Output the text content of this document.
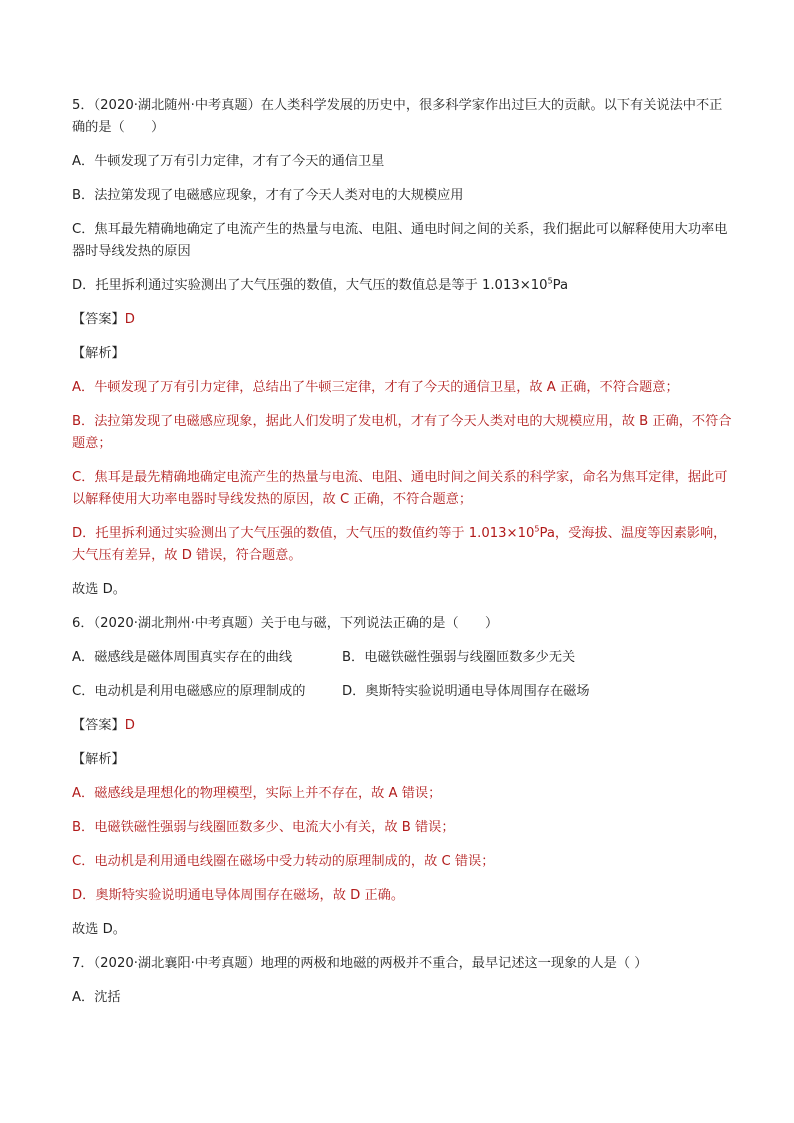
5．（2020·湖北随州·中考真题）在人类科学发展的历史中，很多科学家作出过巨大的贡献。以下有关说法中不正确的是（　　）

A．牛顿发现了万有引力定律，才有了今天的通信卫星

B．法拉第发现了电磁感应现象，才有了今天人类对电的大规模应用

C．焦耳最先精确地确定了电流产生的热量与电流、电阻、通电时间之间的关系，我们据此可以解释使用大功率电器时导线发热的原因

D．托里拆利通过实验测出了大气压强的数值，大气压的数值总是等于 $1.013\times 10^5Pa$

【答案】D

【解析】

A．牛顿发现了万有引力定律，总结出了牛顿三定律，才有了今天的通信卫星，故 A 正确，不符合题意；

B．法拉第发现了电磁感应现象，据此人们发明了发电机，才有了今天人类对电的大规模应用，故 B 正确，不符合题意；

C．焦耳是最先精确地确定电流产生的热量与电流、电阻、通电时间之间关系的科学家，命名为焦耳定律，据此可以解释使用大功率电器时导线发热的原因，故 C 正确，不符合题意；

D．托里拆利通过实验测出了大气压强的数值，大气压的数值约等于 $1.013\times 10^5Pa$，受海拔、温度等因素影响，大气压有差异，故 D 错误，符合题意。

故选 D。

6．（2020·湖北荆州·中考真题）关于电与磁，下列说法正确的是（　　）

A．磁感线是磁体周围真实存在的曲线	B．电磁铁磁性强弱与线圈匝数多少无关
C．电动机是利用电磁感应的原理制成的	D．奥斯特实验说明通电导体周围存在磁场

【答案】D

【解析】

A．磁感线是理想化的物理模型，实际上并不存在，故 A 错误；

B．电磁铁磁性强弱与线圈匝数多少、电流大小有关，故 B 错误；

C．电动机是利用通电线圈在磁场中受力转动的原理制成的，故 C 错误；

D．奥斯特实验说明通电导体周围存在磁场，故 D 正确。

故选 D。

7．（2020·湖北襄阳·中考真题）地理的两极和地磁的两极并不重合，最早记述这一现象的人是（ ）

A．沈括
